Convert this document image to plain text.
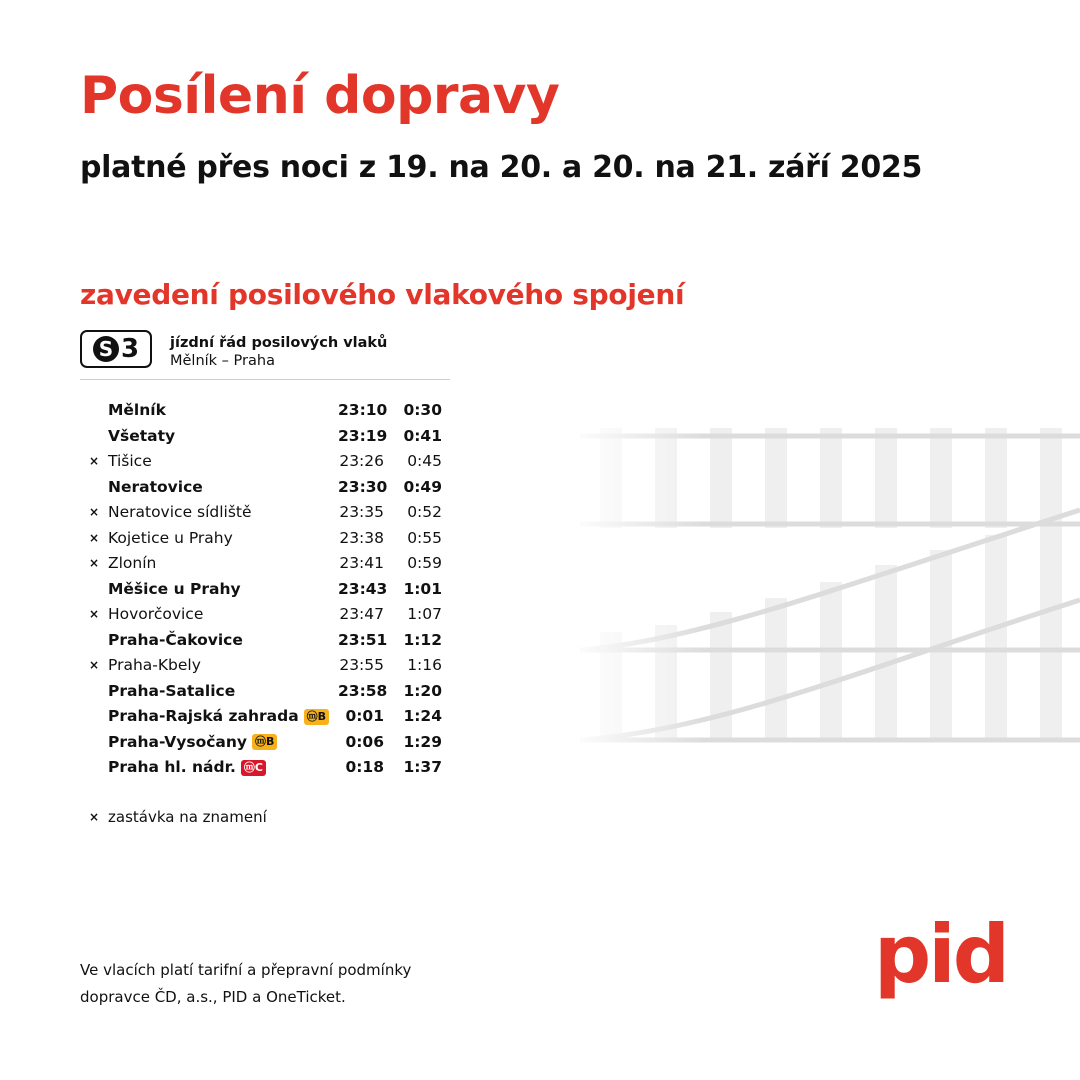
Posílení dopravy
platné přes noci z 19. na 20. a 20. na 21. září 2025
zavedení posilového vlakového spojení
S 3 jízdní řád posilových vlaků
Mělník – Praha
Mělník	23:10 0:30
Všetaty	23:19 0:41
× Tišice	23:26	0:45
Neratovice	23:30 0:49
× Neratovice sídliště	23:35	0:52
× Kojetice u Prahy	23:38	0:55
× Zlonín	23:41	0:59
Měšice u Prahy	23:43 1:01
× Hovorčovice	23:47	1:07
Praha-Čakovice	23:51 1:12
× Praha-Kbely	23:55	1:16
Praha-Satalice	23:58 1:20
Praha-Rajská zahrada ⓜB	0:01 1:24
Praha-Vysočany ⓜB	0:06 1:29
Praha hl. nádr. ⓜC	0:18 1:37
× zastávka na znamení
Ve vlacích platí tarifní a přepravní podmínky
dopravce ČD, a.s., PID a OneTicket.	pid
